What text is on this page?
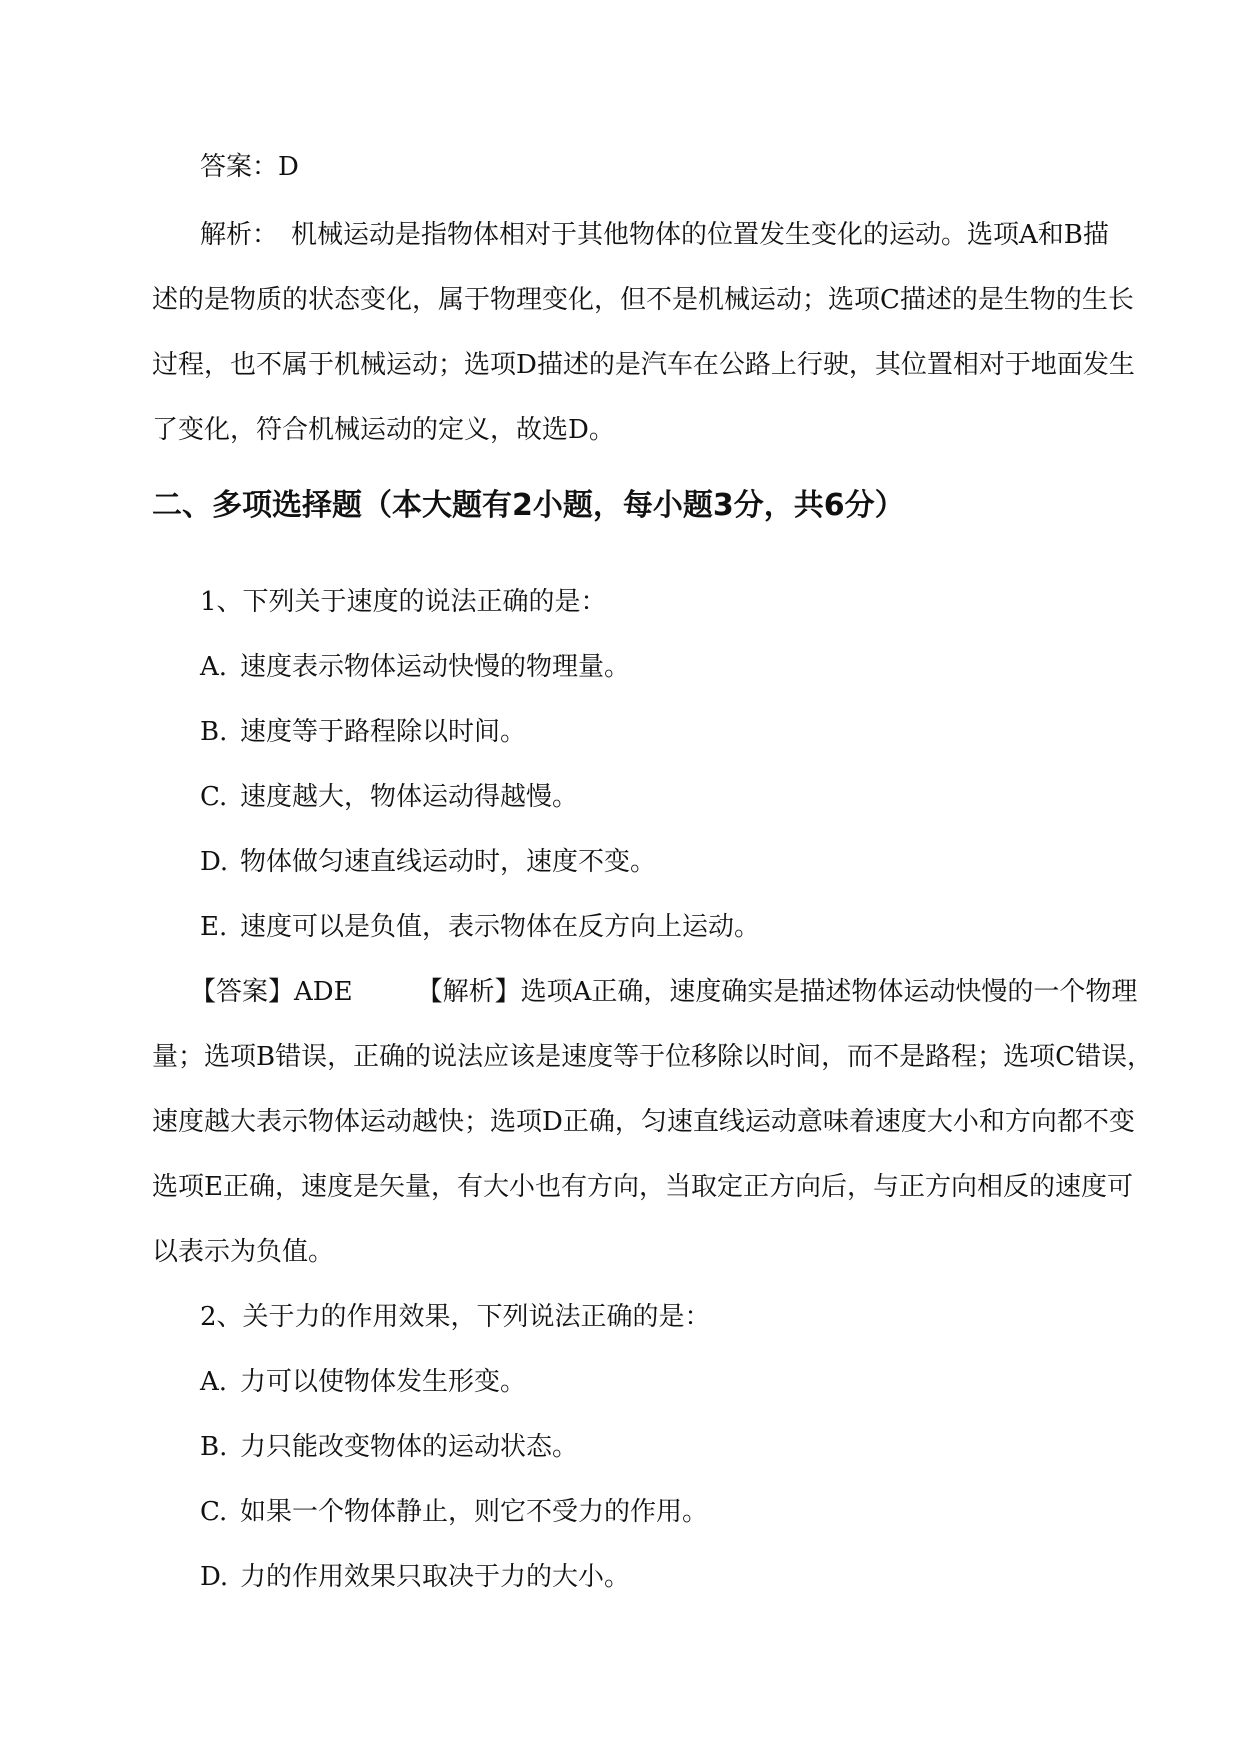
答案：D
解析：　机械运动是指物体相对于其他物体的位置发生变化的运动。选项A和B描
述的是物质的状态变化，属于物理变化，但不是机械运动；选项C描述的是生物的生长
过程，也不属于机械运动；选项D描述的是汽车在公路上行驶，其位置相对于地面发生
了变化，符合机械运动的定义，故选D。
二、多项选择题（本大题有2小题，每小题3分，共6分）
1、下列关于速度的说法正确的是：
A. 速度表示物体运动快慢的物理量。
B. 速度等于路程除以时间。
C. 速度越大，物体运动得越慢。
D. 物体做匀速直线运动时，速度不变。
E. 速度可以是负值，表示物体在反方向上运动。
【答案】ADE 【解析】选项A正确，速度确实是描述物体运动快慢的一个物理
量；选项B错误，正确的说法应该是速度等于位移除以时间，而不是路程；选项C错误，
速度越大表示物体运动越快；选项D正确，匀速直线运动意味着速度大小和方向都不变
选项E正确，速度是矢量，有大小也有方向，当取定正方向后，与正方向相反的速度可
以表示为负值。
2、关于力的作用效果，下列说法正确的是：
A. 力可以使物体发生形变。
B. 力只能改变物体的运动状态。
C. 如果一个物体静止，则它不受力的作用。
D. 力的作用效果只取决于力的大小。
